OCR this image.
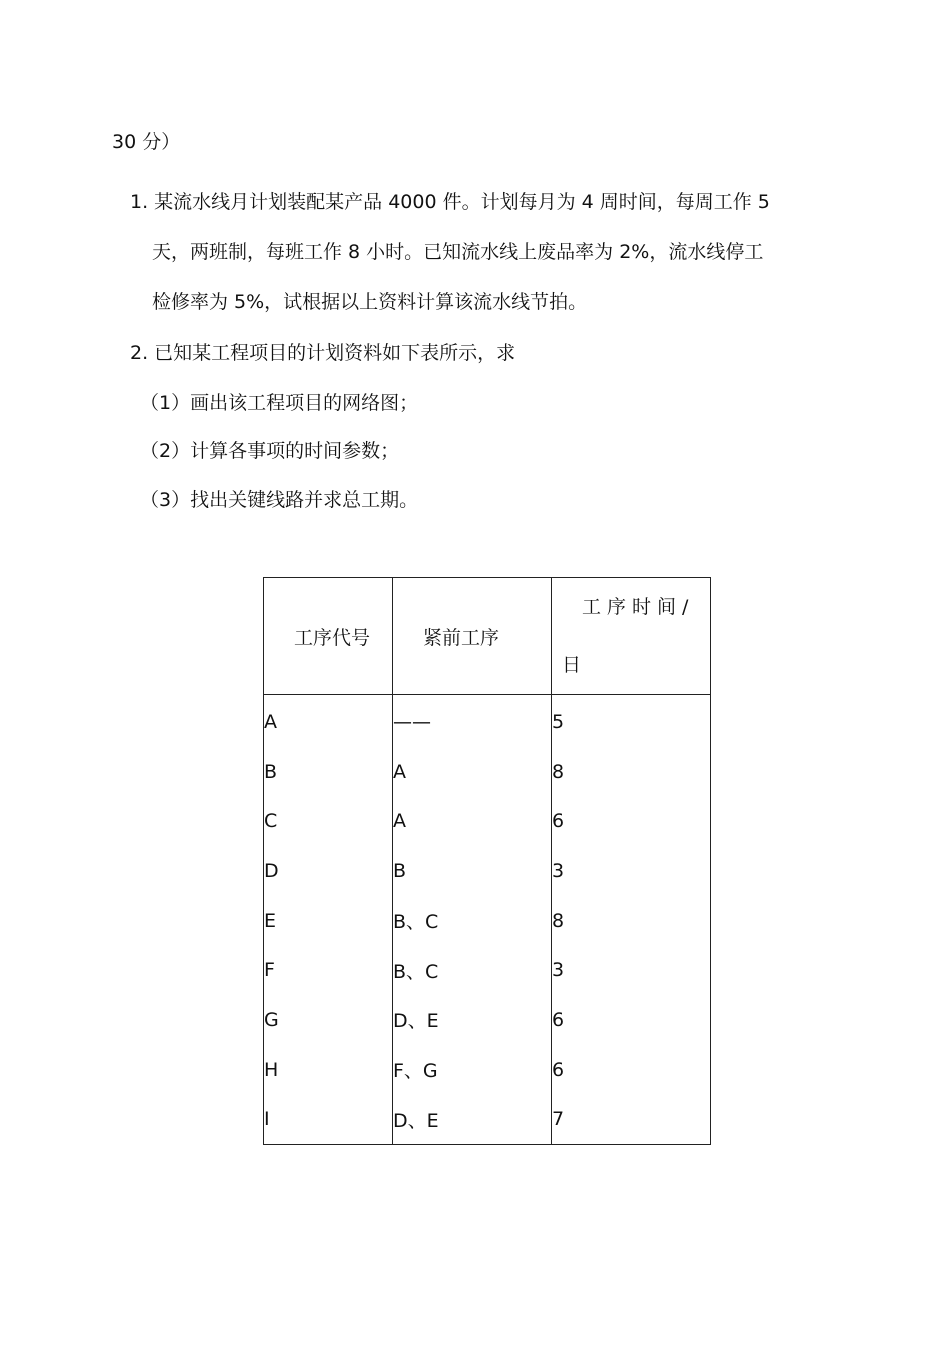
30 分）
1. 某流水线月计划装配某产品 4000 件。计划每月为 4 周时间，每周工作 5
天，两班制，每班工作 8 小时。已知流水线上废品率为 2%，流水线停工
检修率为 5%，试根据以上资料计算该流水线节拍。
2. 已知某工程项目的计划资料如下表所示，求
（1）画出该工程项目的网络图；
（2）计算各事项的时间参数；
（3）找出关键线路并求总工期。
工序代号	紧前工序	工序时间/
日

A	——	5
B	A	8
C	A	6
D	B	3
E	B、C	8
F	B、C	3
G	D、E	6
H	F、G	6
I	D、E	7
